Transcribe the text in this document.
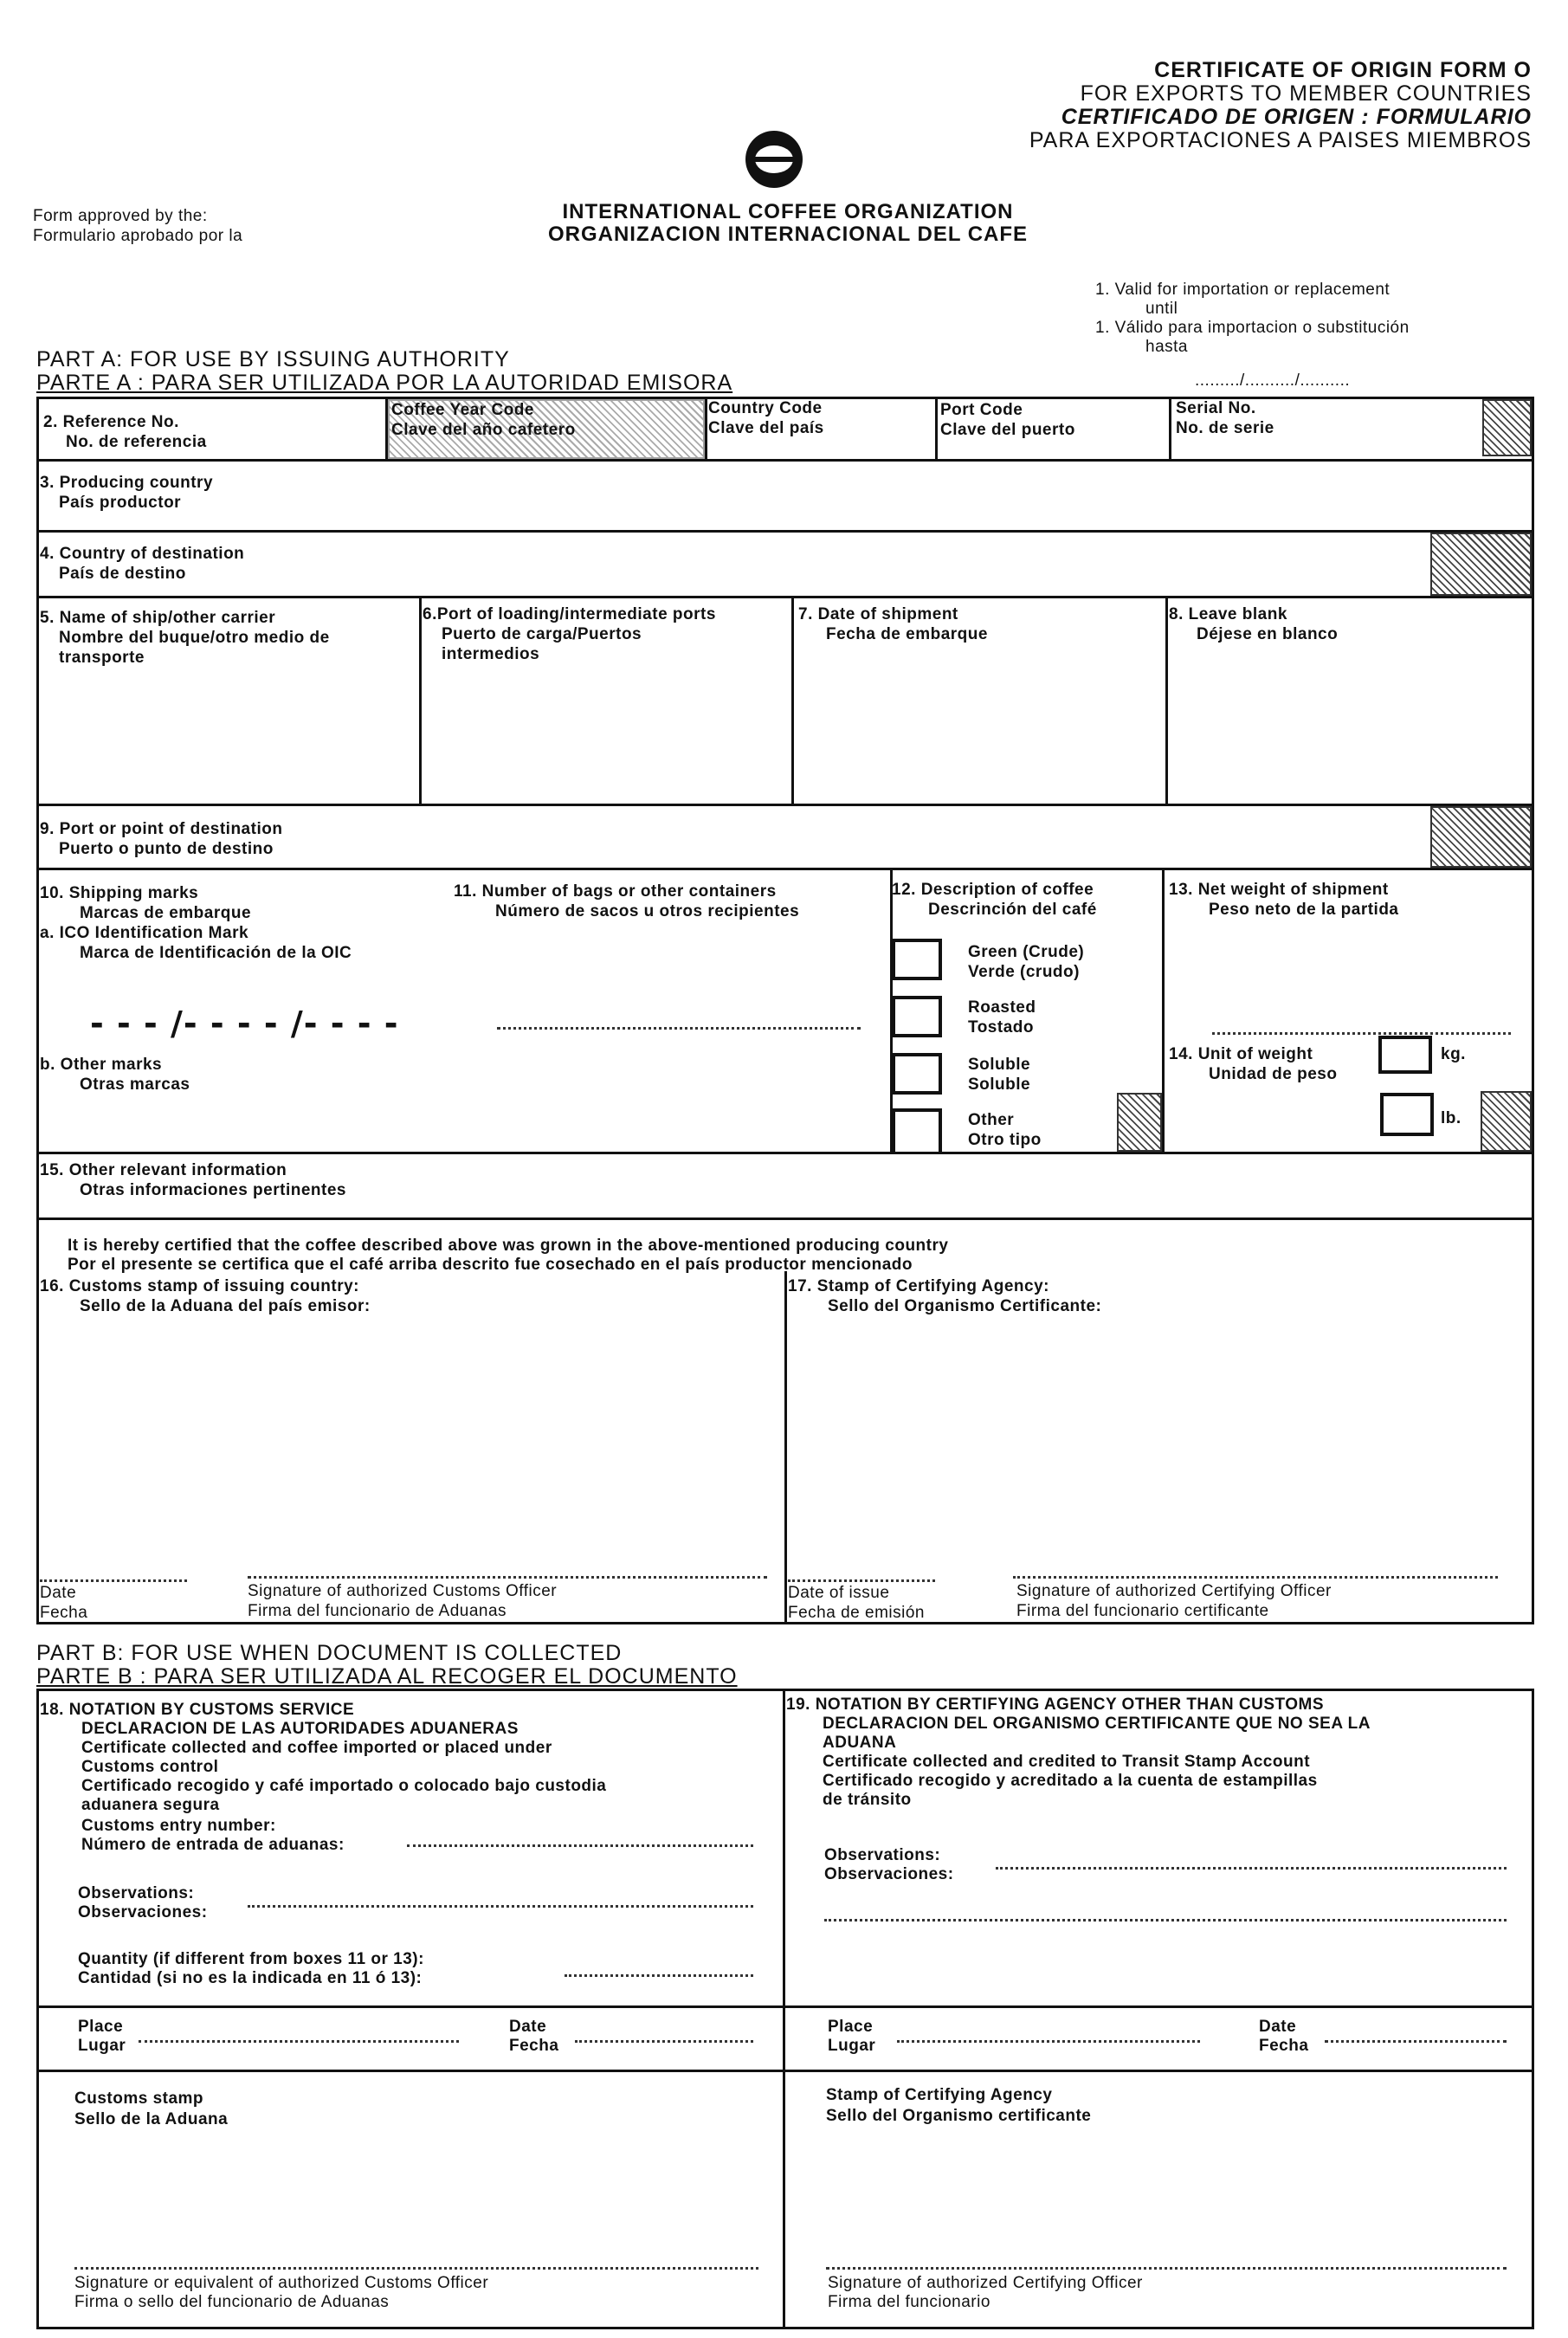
CERTIFICATE OF ORIGIN FORM O
FOR EXPORTS TO MEMBER COUNTRIES
CERTIFICADO DE ORIGEN : FORMULARIO
PARA EXPORTACIONES A PAISES MIEMBROS
Form approved by the:
Formulario aprobado por la
INTERNATIONAL COFFEE ORGANIZATION
ORGANIZACION INTERNACIONAL DEL CAFE
1. Valid for importation or replacement
until
1. Válido para importacion o substitución
hasta
........./........../..........
PART A: FOR USE BY ISSUING AUTHORITY
PARTE A : PARA SER UTILIZADA POR LA AUTORIDAD EMISORA
2. Reference No.
No. de referencia
Coffee Year Code
Clave del año cafetero
Country Code
Clave del país
Port Code
Clave del puerto
Serial No.
No. de serie
3. Producing country
País productor
4. Country of destination
País de destino
5. Name of ship/other carrier
Nombre del buque/otro medio de
transporte
6.Port of loading/intermediate ports
Puerto de carga/Puertos
intermedios
7. Date of shipment
Fecha de embarque
8. Leave blank
Déjese en blanco
9. Port or point of destination
Puerto o punto de destino
10. Shipping marks
Marcas de embarque
a. ICO Identification Mark
Marca de Identificación de la OIC
- - - /- - - - /- - - -
b. Other marks
Otras marcas
11. Number of bags or other containers
Número de sacos u otros recipientes
12. Description of coffee
Descrinción del café
Green (Crude)
Verde (crudo)
Roasted
Tostado
Soluble
Soluble
Other
Otro tipo
13. Net weight of shipment
Peso neto de la partida
14. Unit of weight
Unidad de peso
kg.
lb.
15. Other relevant information
Otras informaciones pertinentes
It is hereby certified that the coffee described above was grown in the above-mentioned producing country
Por el presente se certifica que el café arriba descrito fue cosechado en el país productor mencionado
16. Customs stamp of issuing country:
Sello de la Aduana del país emisor:
17. Stamp of Certifying Agency:
Sello del Organismo Certificante:
Date
Fecha
Signature of authorized Customs Officer
Firma del funcionario de Aduanas
Date of issue
Fecha de emisión
Signature of authorized Certifying Officer
Firma del funcionario certificante
PART B: FOR USE WHEN DOCUMENT IS COLLECTED
PARTE B : PARA SER UTILIZADA AL RECOGER EL DOCUMENTO
18. NOTATION BY CUSTOMS SERVICE
DECLARACION DE LAS AUTORIDADES ADUANERAS
Certificate collected and coffee imported or placed under
Customs control
Certificado recogido y café importado o colocado bajo custodia
aduanera segura
Customs entry number:
Número de entrada de aduanas:
Observations:
Observaciones:
Quantity (if different from boxes 11 or 13):
Cantidad (si no es la indicada en 11 ó 13):
19. NOTATION BY CERTIFYING AGENCY OTHER THAN CUSTOMS
DECLARACION DEL ORGANISMO CERTIFICANTE QUE NO SEA LA
ADUANA
Certificate collected and credited to Transit Stamp Account
Certificado recogido y acreditado a la cuenta de estampillas
de tránsito
Observations:
Observaciones:
Place
Lugar
Date
Fecha
Place
Lugar
Date
Fecha
Customs stamp
Sello de la Aduana
Stamp of Certifying Agency
Sello del Organismo certificante
Signature or equivalent of authorized Customs Officer
Firma o sello del funcionario de Aduanas
Signature of authorized Certifying Officer
Firma del funcionario
